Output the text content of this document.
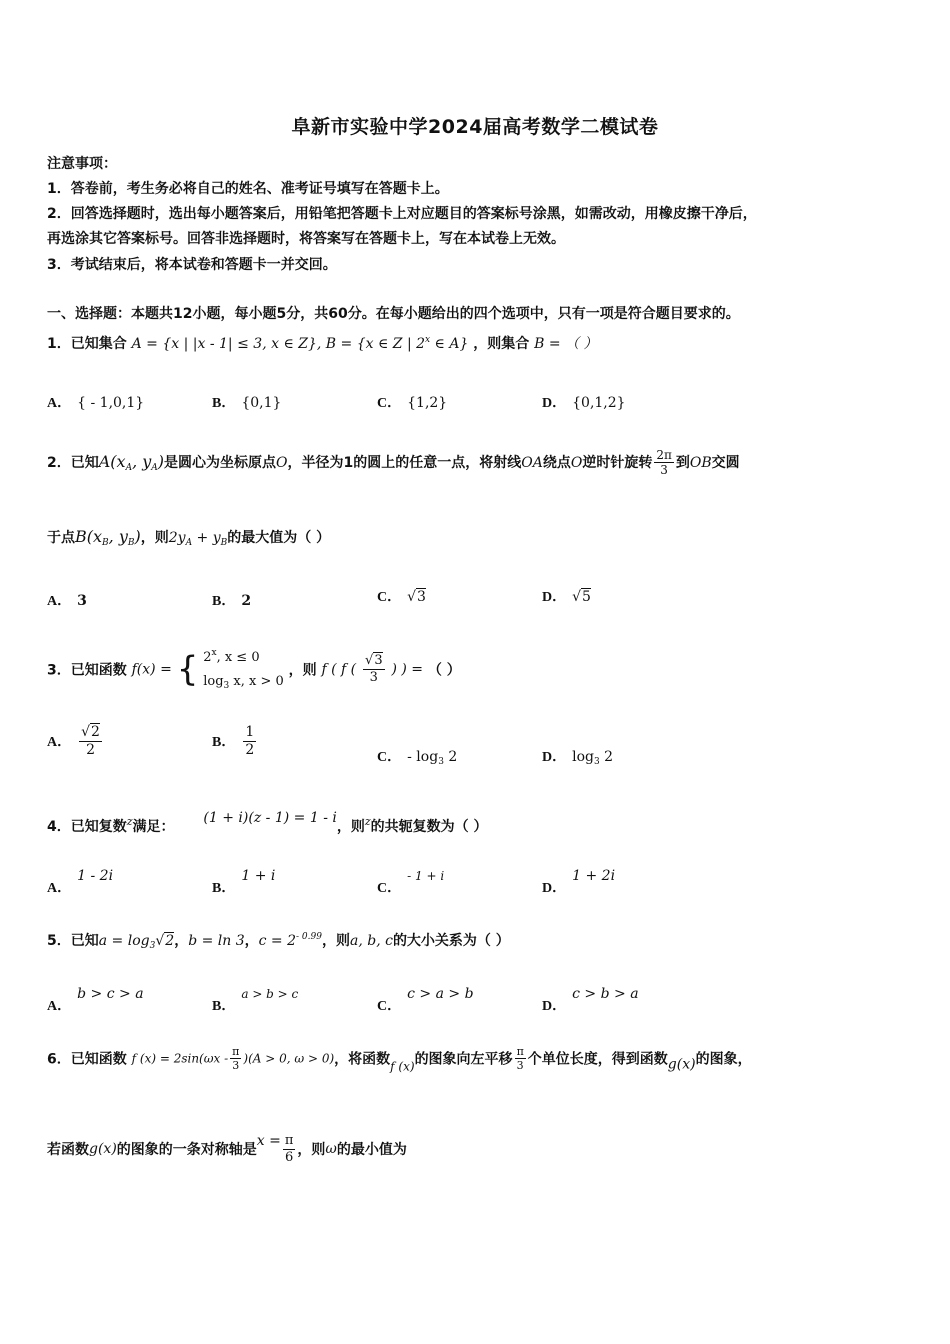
阜新市实验中学2024届高考数学二模试卷
注意事项：
1．答卷前，考生务必将自己的姓名、准考证号填写在答题卡上。
2．回答选择题时，选出每小题答案后，用铅笔把答题卡上对应题目的答案标号涂黑，如需改动，用橡皮擦干净后，
再选涂其它答案标号。回答非选择题时，将答案写在答题卡上，写在本试卷上无效。
3．考试结束后，将本试卷和答题卡一并交回。
一、选择题：本题共12小题，每小题5分，共60分。在每小题给出的四个选项中，只有一项是符合题目要求的。
1．已知集合 A = {x | |x - 1| ≤ 3, x ∈ Z}, B = {x ∈ Z | 2$^x$ ∈ A} ，则集合 B = （ ）
A． { - 1,0,1}	B． {0,1}	C． {1,2}	D． {0,1,2}
2．已知$A(x_A$, $y_A$)是圆心为坐标原点O，半径为1的圆上的任意一点，将射线OA绕点O逆时针旋转 $\frac{2\pi}{3}$ 到OB交圆
于点$B(x_B$, $y_B$)，则$2y_A + y_B$的最大值为（ ）
A． 3	B． 2	C． √3	D． √5
3．已知函数 f(x) = { 2$^x$, x ≤ 0
$\log_3 x$, x > 0
，则 f ( f ( $\frac{√3}{3}$ ) ) = （ ）
A． $\frac{√2}{2}$	B． $\frac{1}{2}$	C． - $\log_3 2$	D． $\log_3 2$
4．已知复数$^z$满足： (1 + i)(z - 1) = 1 - i，则$^z$的共轭复数为（ ）
A．1 - 2i
B．1 + i
C．- 1 + i
D．1 + 2i
5．已知$a = \log_3√2$，b = ln 3，$c = 2^{- 0.99}$，则a, b, c的大小关系为（ ）
A．b > c > a
B．a > b > c
C．c > a > b
D．c > b > a
6．已知函数 f $(x) = 2\sin(\omega x - \frac{\pi}{3} )(A > 0$, ω > 0)，将函数f (x)的图象向左平移 $\frac{\pi}{3}$ 个单位长度，得到函数g(x)的图象，
若函数g(x)的图象的一条对称轴是$x = \frac{\pi}{6}$ ，则ω的最小值为
